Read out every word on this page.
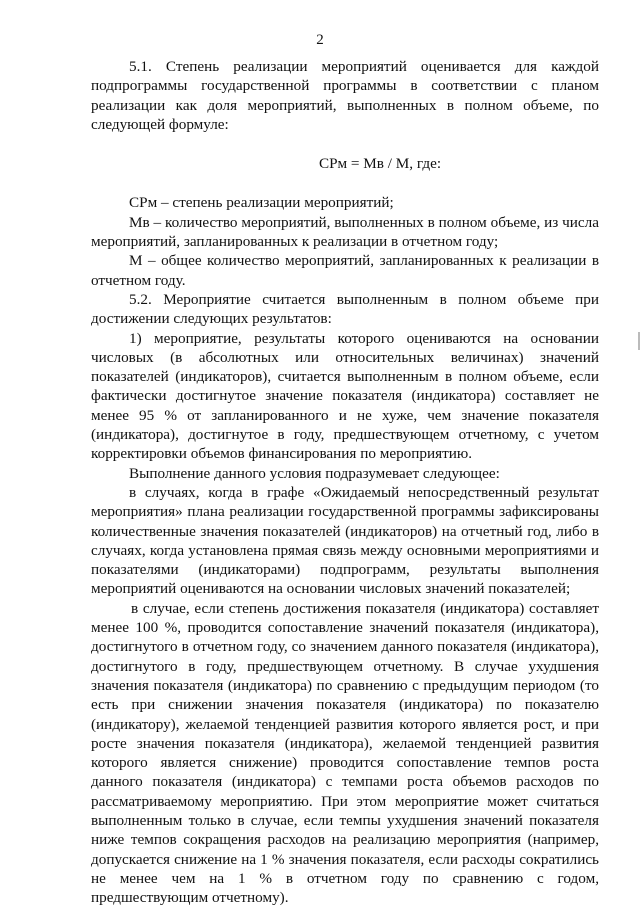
2

5.1. Степень реализации мероприятий оценивается для каждой подпрограммы государственной программы в соответствии с планом реализации как доля мероприятий, выполненных в полном объеме, по следующей формуле:

СРм = Мв / М, где:

СРм – степень реализации мероприятий;

Мв – количество мероприятий, выполненных в полном объеме, из числа мероприятий, запланированных к реализации в отчетном году;

М – общее количество мероприятий, запланированных к реализации в отчетном году.

5.2. Мероприятие считается выполненным в полном объеме при достижении следующих результатов:

1) мероприятие, результаты которого оцениваются на основании числовых (в абсолютных или относительных величинах) значений показателей (индикаторов), считается выполненным в полном объеме, если фактически достигнутое значение показателя (индикатора) составляет не менее 95 % от запланированного и не хуже, чем значение показателя (индикатора), достигнутое в году, предшествующем отчетному, с учетом корректировки объемов финансирования по мероприятию.

Выполнение данного условия подразумевает следующее:

в случаях, когда в графе «Ожидаемый непосредственный результат мероприятия» плана реализации государственной программы зафиксированы количественные значения показателей (индикаторов) на отчетный год, либо в случаях, когда установлена прямая связь между основными мероприятиями и показателями (индикаторами) подпрограмм, результаты выполнения мероприятий оцениваются на основании числовых значений показателей;

в случае, если степень достижения показателя (индикатора) составляет менее 100 %, проводится сопоставление значений показателя (индикатора), достигнутого в отчетном году, со значением данного показателя (индикатора), достигнутого в году, предшествующем отчетному. В случае ухудшения значения показателя (индикатора) по сравнению с предыдущим периодом (то есть при снижении значения показателя (индикатора) по показателю (индикатору), желаемой тенденцией развития которого является рост, и при росте значения показателя (индикатора), желаемой тенденцией развития которого является снижение) проводится сопоставление темпов роста данного показателя (индикатора) с темпами роста объемов расходов по рассматриваемому мероприятию. При этом мероприятие может считаться выполненным только в случае, если темпы ухудшения значений показателя ниже темпов сокращения расходов на реализацию мероприятия (например, допускается снижение на 1 % значения показателя, если расходы сократились не менее чем на 1 % в отчетном году по сравнению с годом, предшествующим отчетному).
